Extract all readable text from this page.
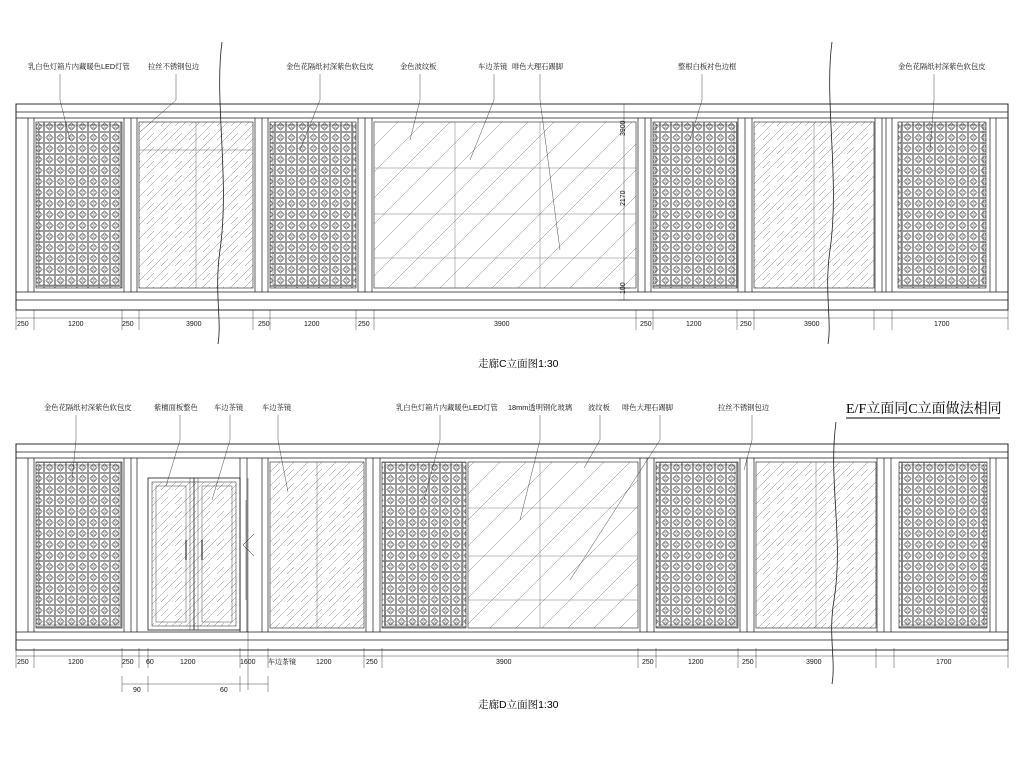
乳白色灯箱片内藏暖色LED灯管 拉丝不锈钢包边	金色花隔纸衬深紫色软包皮	金色波纹板	车边茶镜 啡色大理石踢脚	整根白板衬色边框	金色花隔纸衬深紫色软包皮
3900
2170
100
250	1200	250	3900	250	1200	250	3900	250	1200	250	3900	1700
金色花隔纸衬深紫色软包皮	紫檀面板整色 车边茶镜	车边茶镜	乳白色灯箱片内藏暖色LED灯管 18mm透明钢化玻璃 波纹板 啡色大理石踢脚	拉丝不锈钢包边
250	1200	250 60	1200	1600 车边茶镜	1200	250	3900	250	1200	250	3900	1700
90	60
走廊C立面图1:30
走廊D立面图1:30
E/F立面同C立面做法相同
